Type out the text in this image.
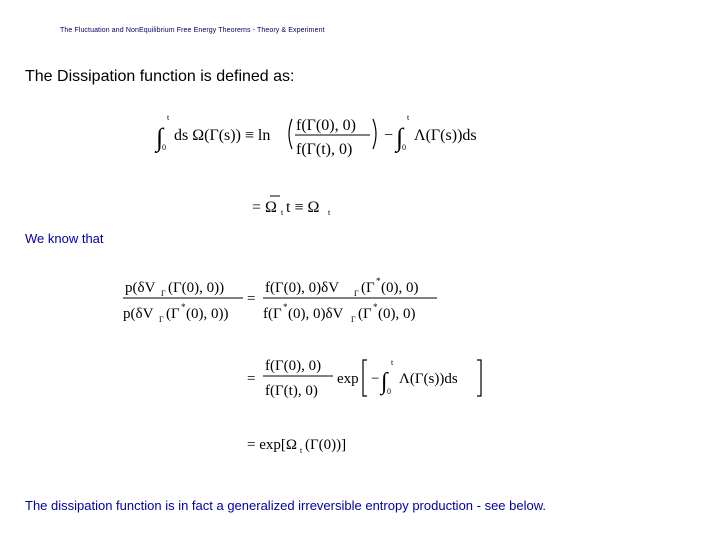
The Fluctuation and NonEquilibrium Free Energy Theorems - Theory & Experiment
The Dissipation function is defined as:
∫
t
0
ds Ω(Γ(s)) ≡ ln
f(Γ(0), 0)
f(Γ(t), 0)
− ∫
t
0
Λ(Γ(s))ds
= Ω t t ≡ Ω t
We know that
p(δV Γ (Γ(0), 0))
p(δV Γ (Γ * (0), 0))
=
f(Γ(0), 0)δV Γ (Γ * (0), 0)
f(Γ * (0), 0)δV Γ (Γ * (0), 0)
=
f(Γ(0), 0)
f(Γ(t), 0)
exp − ∫
t
0
Λ(Γ(s))ds
= exp[Ω t (Γ(0))]
The dissipation function is in fact a generalized irreversible entropy production - see below.
